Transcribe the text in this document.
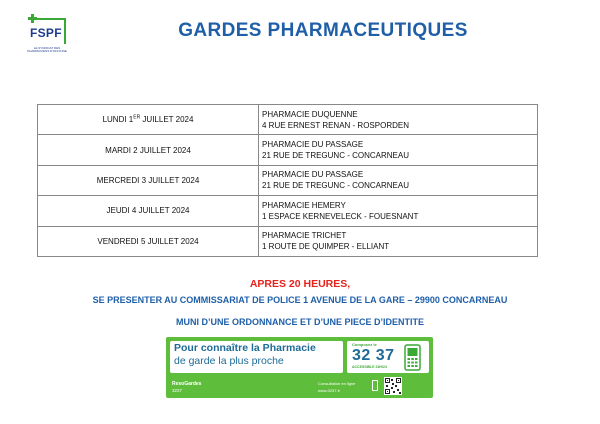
FSPF
LE SYNDICAT DES PHARMACIENS D'OFFICINE
GARDES PHARMACEUTIQUES
LUNDI 1ER JUILLET 2024	PHARMACIE DUQUENNE
4 RUE ERNEST RENAN - ROSPORDEN

MARDI 2 JUILLET 2024	PHARMACIE DU PASSAGE
21 RUE DE TREGUNC - CONCARNEAU

MERCREDI 3 JUILLET 2024	PHARMACIE DU PASSAGE
21 RUE DE TREGUNC - CONCARNEAU

JEUDI 4 JUILLET 2024	PHARMACIE HEMERY
1 ESPACE KERNEVELECK - FOUESNANT

VENDREDI 5 JUILLET 2024	PHARMACIE TRICHET
1 ROUTE DE QUIMPER - ELLIANT
APRES 20 HEURES,
SE PRESENTER AU COMMISSARIAT DE POLICE 1 AVENUE DE LA GARE – 29900 CONCARNEAU
MUNI D’UNE ORDONNANCE ET D’UNE PIECE D’IDENTITE
Pour connaître la Pharmacie
de garde la plus proche
Composez le
32 37
ACCESSIBLE 24H/24
ResoGardes
3237
Consultation en ligne
www.3237.fr
